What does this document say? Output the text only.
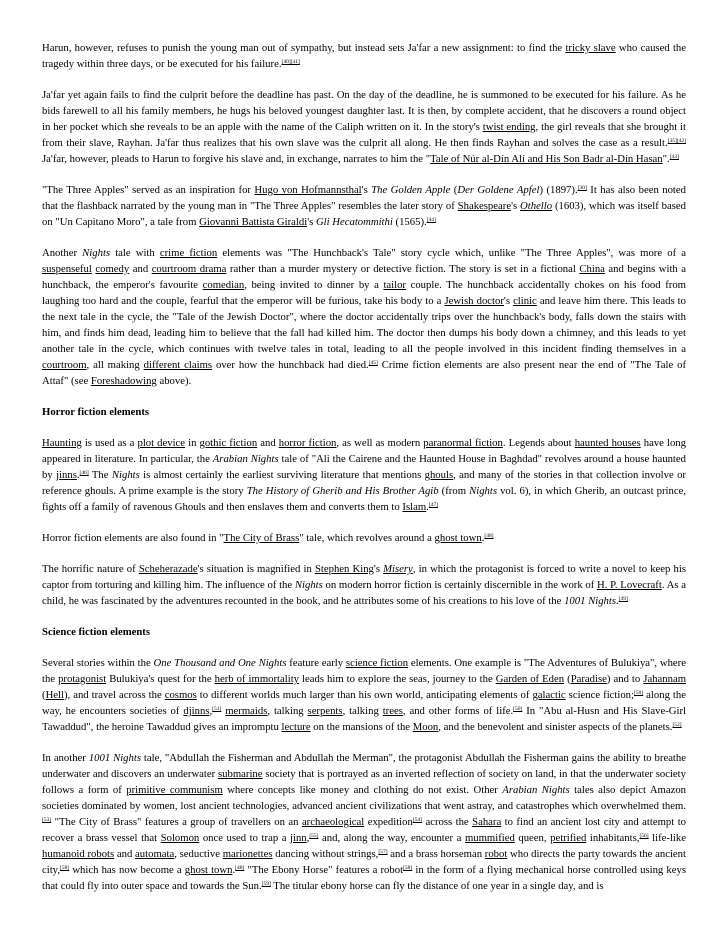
Harun, however, refuses to punish the young man out of sympathy, but instead sets Ja'far a new assignment: to find the tricky slave who caused the tragedy within three days, or be executed for his failure.[40][41]

Ja'far yet again fails to find the culprit before the deadline has past. On the day of the deadline, he is summoned to be executed for his failure. As he bids farewell to all his family members, he hugs his beloved youngest daughter last. It is then, by complete accident, that he discovers a round object in her pocket which she reveals to be an apple with the name of the Caliph written on it. In the story's twist ending, the girl reveals that she brought it from their slave, Rayhan. Ja'far thus realizes that his own slave was the culprit all along. He then finds Rayhan and solves the case as a result.[35][42] Ja'far, however, pleads to Harun to forgive his slave and, in exchange, narrates to him the "Tale of Núr al-Dín Alí and His Son Badr al-Dín Hasan".[43]

"The Three Apples" served as an inspiration for Hugo von Hofmannsthal's The Golden Apple (Der Goldene Apfel) (1897).[30] It has also been noted that the flashback narrated by the young man in "The Three Apples" resembles the later story of Shakespeare's Othello (1603), which was itself based on "Un Capitano Moro", a tale from Giovanni Battista Giraldi's Gli Hecatommithi (1565).[44]

Another Nights tale with crime fiction elements was "The Hunchback's Tale" story cycle which, unlike "The Three Apples", was more of a suspenseful comedy and courtroom drama rather than a murder mystery or detective fiction. The story is set in a fictional China and begins with a hunchback, the emperor's favourite comedian, being invited to dinner by a tailor couple. The hunchback accidentally chokes on his food from laughing too hard and the couple, fearful that the emperor will be furious, take his body to a Jewish doctor's clinic and leave him there. This leads to the next tale in the cycle, the "Tale of the Jewish Doctor", where the doctor accidentally trips over the hunchback's body, falls down the stairs with him, and finds him dead, leading him to believe that the fall had killed him. The doctor then dumps his body down a chimney, and this leads to yet another tale in the cycle, which continues with twelve tales in total, leading to all the people involved in this incident finding themselves in a courtroom, all making different claims over how the hunchback had died.[45] Crime fiction elements are also present near the end of "The Tale of Attaf" (see Foreshadowing above).

Horror fiction elements

Haunting is used as a plot device in gothic fiction and horror fiction, as well as modern paranormal fiction. Legends about haunted houses have long appeared in literature. In particular, the Arabian Nights tale of "Ali the Cairene and the Haunted House in Baghdad" revolves around a house haunted by jinns.[46] The Nights is almost certainly the earliest surviving literature that mentions ghouls, and many of the stories in that collection involve or reference ghouls. A prime example is the story The History of Gherib and His Brother Agib (from Nights vol. 6), in which Gherib, an outcast prince, fights off a family of ravenous Ghouls and then enslaves them and converts them to Islam.[47]

Horror fiction elements are also found in "The City of Brass" tale, which revolves around a ghost town.[48]

The horrific nature of Scheherazade's situation is magnified in Stephen King's Misery, in which the protagonist is forced to write a novel to keep his captor from torturing and killing him. The influence of the Nights on modern horror fiction is certainly discernible in the work of H. P. Lovecraft. As a child, he was fascinated by the adventures recounted in the book, and he attributes some of his creations to his love of the 1001 Nights.[49]

Science fiction elements

Several stories within the One Thousand and One Nights feature early science fiction elements. One example is "The Adventures of Bulukiya", where the protagonist Bulukiya's quest for the herb of immortality leads him to explore the seas, journey to the Garden of Eden (Paradise) and to Jahannam (Hell), and travel across the cosmos to different worlds much larger than his own world, anticipating elements of galactic science fiction;[50] along the way, he encounters societies of djinns,[51] mermaids, talking serpents, talking trees, and other forms of life.[50] In "Abu al-Husn and His Slave-Girl Tawaddud", the heroine Tawaddud gives an impromptu lecture on the mansions of the Moon, and the benevolent and sinister aspects of the planets.[52]

In another 1001 Nights tale, "Abdullah the Fisherman and Abdullah the Merman", the protagonist Abdullah the Fisherman gains the ability to breathe underwater and discovers an underwater submarine society that is portrayed as an inverted reflection of society on land, in that the underwater society follows a form of primitive communism where concepts like money and clothing do not exist. Other Arabian Nights tales also depict Amazon societies dominated by women, lost ancient technologies, advanced ancient civilizations that went astray, and catastrophes which overwhelmed them.[53] "The City of Brass" features a group of travellers on an archaeological expedition[54] across the Sahara to find an ancient lost city and attempt to recover a brass vessel that Solomon once used to trap a jinn,[55] and, along the way, encounter a mummified queen, petrified inhabitants,[56] life-like humanoid robots and automata, seductive marionettes dancing without strings,[57] and a brass horseman robot who directs the party towards the ancient city,[58] which has now become a ghost town.[48] "The Ebony Horse" features a robot[58] in the form of a flying mechanical horse controlled using keys that could fly into outer space and towards the Sun.[59] The titular ebony horse can fly the distance of one year in a single day, and is
